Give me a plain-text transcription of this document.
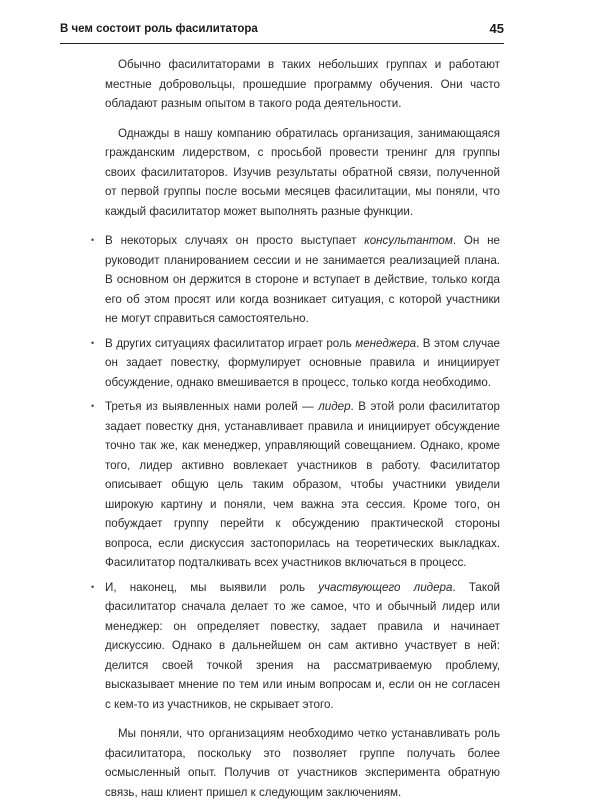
В чем состоит роль фасилитатора	45

Обычно фасилитаторами в таких небольших группах и работают местные добровольцы, прошедшие программу обучения. Они часто обладают разным опытом в такого рода деятельности.

Однажды в нашу компанию обратилась организация, занимающаяся гражданским лидерством, с просьбой провести тренинг для группы своих фасилитаторов. Изучив результаты обратной связи, полученной от первой группы после восьми месяцев фасилитации, мы поняли, что каждый фасилитатор может выполнять разные функции.

• В некоторых случаях он просто выступает консультантом. Он не руководит планированием сессии и не занимается реализацией плана. В основном он держится в стороне и вступает в действие, только когда его об этом просят или когда возникает ситуация, с которой участники не могут справиться самостоятельно.
• В других ситуациях фасилитатор играет роль менеджера. В этом случае он задает повестку, формулирует основные правила и инициирует обсуждение, однако вмешивается в процесс, только когда необходимо.
• Третья из выявленных нами ролей — лидер. В этой роли фасилитатор задает повестку дня, устанавливает правила и инициирует обсуждение точно так же, как менеджер, управляющий совещанием. Однако, кроме того, лидер активно вовлекает участников в работу. Фасилитатор описывает общую цель таким образом, чтобы участники увидели широкую картину и поняли, чем важна эта сессия. Кроме того, он побуждает группу перейти к обсуждению практической стороны вопроса, если дискуссия застопорилась на теоретических выкладках. Фасилитатор подталкивать всех участников включаться в процесс.
• И, наконец, мы выявили роль участвующего лидера. Такой фасилитатор сначала делает то же самое, что и обычный лидер или менеджер: он определяет повестку, задает правила и начинает дискуссию. Однако в дальнейшем он сам активно участвует в ней: делится своей точкой зрения на рассматриваемую проблему, высказывает мнение по тем или иным вопросам и, если он не согласен с кем-то из участников, не скрывает этого.

Мы поняли, что организациям необходимо четко устанавливать роль фасилитатора, поскольку это позволяет группе получать более осмысленный опыт. Получив от участников эксперимента обратную связь, наш клиент пришел к следующим заключениям.
